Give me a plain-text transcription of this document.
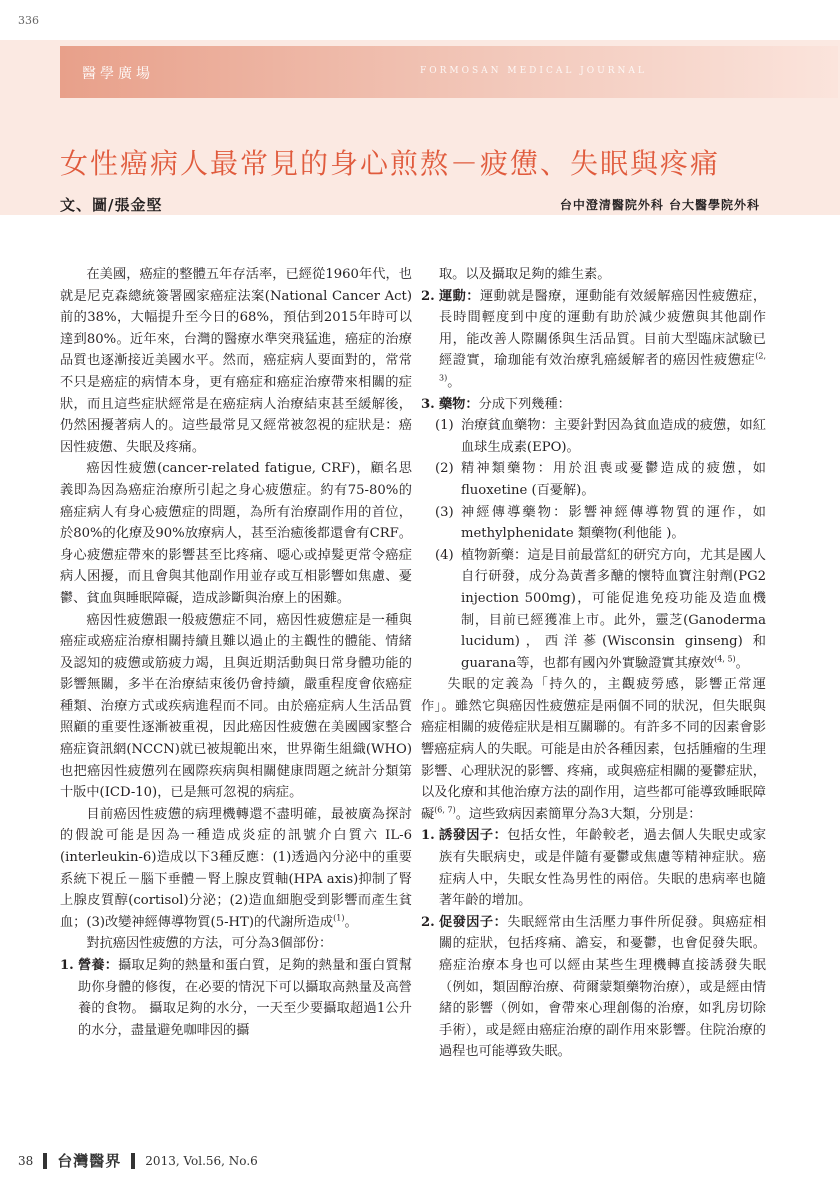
336
醫學廣場	FORMOSAN MEDICAL JOURNAL
女性癌病人最常見的身心煎熬－疲憊、失眠與疼痛
文、圖/張金堅	台中澄清醫院外科 台大醫學院外科

在美國，癌症的整體五年存活率，已經從1960年代，也就是尼克森總統簽署國家癌症法案(National Cancer Act)前的38%，大幅提升至今日的68%，預估到2015年時可以達到80%。近年來，台灣的醫療水準突飛猛進，癌症的治療品質也逐漸接近美國水平。然而，癌症病人要面對的，常常不只是癌症的病情本身，更有癌症和癌症治療帶來相關的症狀，而且這些症狀經常是在癌症病人治療結束甚至緩解後，仍然困擾著病人的。這些最常見又經常被忽視的症狀是：癌因性疲憊、失眠及疼痛。

癌因性疲憊(cancer-related fatigue, CRF)，顧名思義即為因為癌症治療所引起之身心疲憊症。約有75-80%的癌症病人有身心疲憊症的問題，為所有治療副作用的首位，於80%的化療及90%放療病人，甚至治癒後都還會有CRF。身心疲憊症帶來的影響甚至比疼痛、噁心或掉髮更常令癌症病人困擾，而且會與其他副作用並存或互相影響如焦慮、憂鬱、貧血與睡眠障礙，造成診斷與治療上的困難。

癌因性疲憊跟一般疲憊症不同，癌因性疲憊症是一種與癌症或癌症治療相關持續且難以過止的主觀性的體能、情緒及認知的疲憊或筋疲力竭，且與近期活動與日常身體功能的影響無關，多半在治療結束後仍會持續，嚴重程度會依癌症種類、治療方式或疾病進程而不同。由於癌症病人生活品質照顧的重要性逐漸被重視，因此癌因性疲憊在美國國家整合癌症資訊網(NCCN)就已被規範出來，世界衛生組織(WHO)也把癌因性疲憊列在國際疾病與相關健康問題之統計分類第十版中(ICD-10)，已是無可忽視的病症。

目前癌因性疲憊的病理機轉還不盡明確，最被廣為探討的假說可能是因為一種造成炎症的訊號介白質六 IL-6 (interleukin-6)造成以下3種反應：(1)透過內分泌中的重要系統下視丘－腦下垂體－腎上腺皮質軸(HPA axis)抑制了腎上腺皮質醇(cortisol)分泌；(2)造血細胞受到影響而產生貧血；(3)改變神經傳導物質(5-HT)的代謝所造成$^{(1)}$。

對抗癌因性疲憊的方法，可分為3個部份：

1. 營養：攝取足夠的熱量和蛋白質，足夠的熱量和蛋白質幫助你身體的修復，在必要的情況下可以攝取高熱量及高營養的食物。 攝取足夠的水分，一天至少要攝取超過1公升的水分，盡量避免咖啡因的攝

取。以及攝取足夠的維生素。

2. 運動：運動就是醫療，運動能有效緩解癌因性疲憊症，長時間輕度到中度的運動有助於減少疲憊與其他副作用，能改善人際關係與生活品質。目前大型臨床試驗已經證實，瑜珈能有效治療乳癌緩解者的癌因性疲憊症$^{(2, 3)}$。
3. 藥物：分成下列幾種：
(1) 治療貧血藥物：主要針對因為貧血造成的疲憊，如紅血球生成素(EPO)。
(2) 精神類藥物：用於沮喪或憂鬱造成的疲憊，如fluoxetine (百憂解)。
(3) 神經傳導藥物：影響神經傳導物質的運作，如methylphenidate 類藥物(利他能 )。
(4) 植物新藥：這是目前最當紅的研究方向，尤其是國人自行研發，成分為黃耆多醣的懷特血寶注射劑(PG2 injection 500mg)，可能促進免疫功能及造血機制，目前已經獲准上市。此外，靈芝(Ganoderma lucidum)，西洋蔘(Wisconsin ginseng) 和guarana等，也都有國內外實驗證實其療效$^{(4, 5)}$。

失眠的定義為「持久的，主觀疲勞感，影響正常運作」。雖然它與癌因性疲憊症是兩個不同的狀況，但失眠與癌症相關的疲倦症狀是相互關聯的。有許多不同的因素會影響癌症病人的失眠。可能是由於各種因素，包括腫瘤的生理影響、心理狀況的影響、疼痛，或與癌症相關的憂鬱症狀，以及化療和其他治療方法的副作用，這些都可能導致睡眠障礙$^{(6, 7)}$。這些致病因素簡單分為3大類，分別是：

1. 誘發因子：包括女性，年齡較老，過去個人失眠史或家族有失眠病史，或是伴隨有憂鬱或焦慮等精神症狀。癌症病人中，失眠女性為男性的兩倍。失眠的患病率也隨著年齡的增加。
2. 促發因子：失眠經常由生活壓力事件所促發。與癌症相關的症狀，包括疼痛、譫妄，和憂鬱，也會促發失眠。癌症治療本身也可以經由某些生理機轉直接誘發失眠（例如，類固醇治療、荷爾蒙類藥物治療），或是經由情緒的影響（例如，會帶來心理創傷的治療，如乳房切除手術），或是經由癌症治療的副作用來影響。住院治療的過程也可能導致失眠。
38 台灣醫界 2013, Vol.56, No.6
